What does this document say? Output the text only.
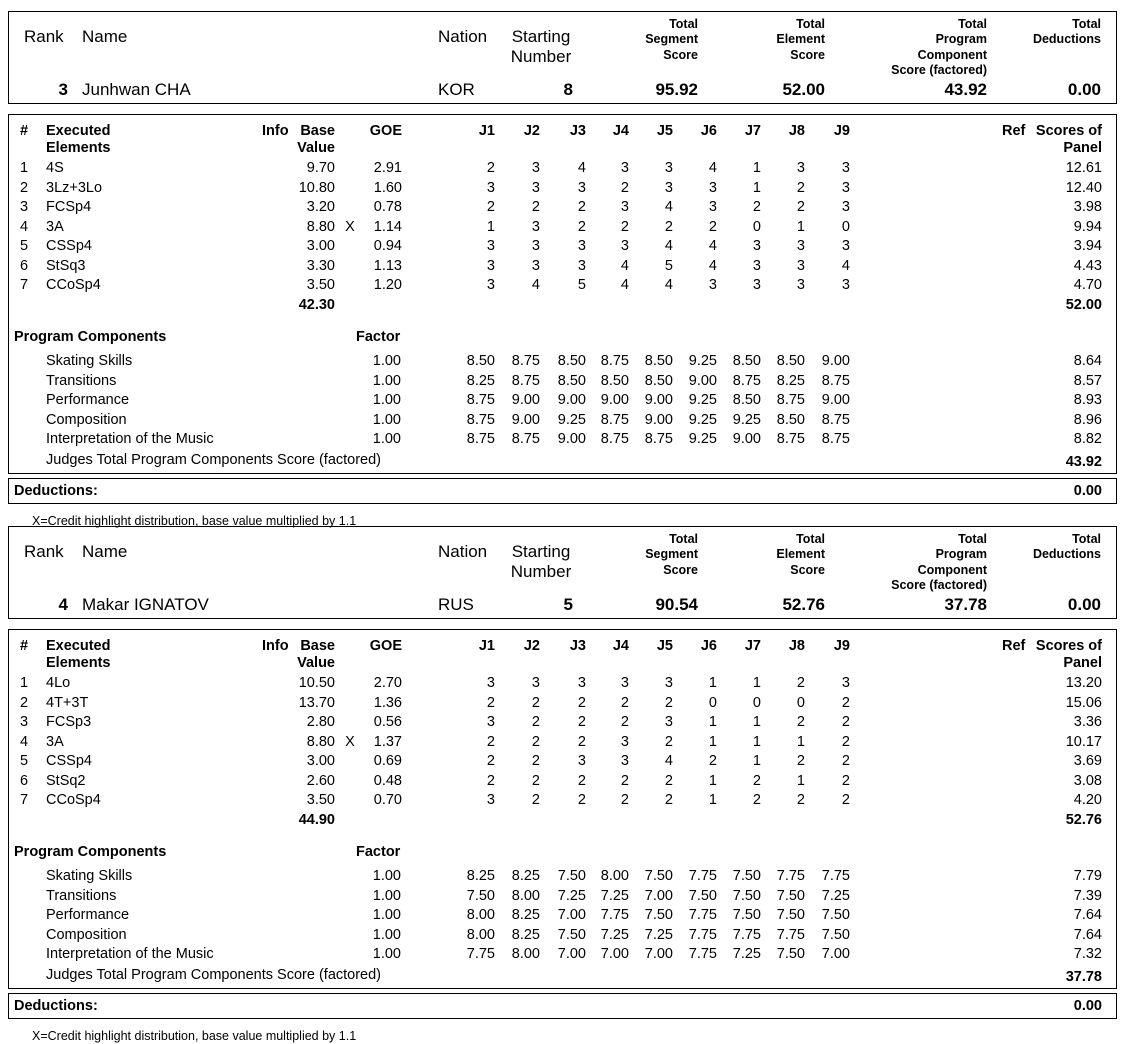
Rank Name	Nation	Starting
Number
Total
Segment
Score
Total
Element
Score
Total
Program
Component
Score (factored)
Total
Deductions
3 Junhwan CHA	KOR	8	95.92	52.00	43.92	0.00
# Executed
Elements
Info Base
Value
GOE	J1	J2	J3	J4	J5	J6	J7	J8	J9	Ref Scores of
Panel
1 4S	9.70	2.91	2	3	4	3	3	4	1	3	3	12.61
2 3Lz+3Lo	10.80	1.60	3	3	3	2	3	3	1	2	3	12.40
3 FCSp4	3.20	0.78	2	2	2	3	4	3	2	2	3	3.98
4 3A	8.80 X	1.14	1	3	2	2	2	2	0	1	0	9.94
5 CSSp4	3.00	0.94	3	3	3	3	4	4	3	3	3	3.94
6 StSq3	3.30	1.13	3	3	3	4	5	4	3	3	4	4.43
7 CCoSp4	3.50	1.20	3	4	5	4	4	3	3	3	3	4.70
42.30	52.00
Program Components	Factor
Skating Skills	1.00	8.50	8.75	8.50	8.75	8.50	9.25	8.50	8.50	9.00	8.64
Transitions	1.00	8.25	8.75	8.50	8.50	8.50	9.00	8.75	8.25	8.75	8.57
Performance	1.00	8.75	9.00	9.00	9.00	9.00	9.25	8.50	8.75	9.00	8.93
Composition	1.00	8.75	9.00	9.25	8.75	9.00	9.25	9.25	8.50	8.75	8.96
Interpretation of the Music	1.00	8.75	8.75	9.00	8.75	8.75	9.25	9.00	8.75	8.75	8.82
Judges Total Program Components Score (factored)	43.92
Deductions:	0.00
X=Credit highlight distribution, base value multiplied by 1.1
Rank Name	Nation	Starting
Number
Total
Segment
Score
Total
Element
Score
Total
Program
Component
Score (factored)
Total
Deductions
4 Makar IGNATOV	RUS	5	90.54	52.76	37.78	0.00
# Executed
Elements
Info Base
Value
GOE	J1	J2	J3	J4	J5	J6	J7	J8	J9	Ref Scores of
Panel
1 4Lo	10.50	2.70	3	3	3	3	3	1	1	2	3	13.20
2 4T+3T	13.70	1.36	2	2	2	2	2	0	0	0	2	15.06
3 FCSp3	2.80	0.56	3	2	2	2	3	1	1	2	2	3.36
4 3A	8.80 X	1.37	2	2	2	3	2	1	1	1	2	10.17
5 CSSp4	3.00	0.69	2	2	3	3	4	2	1	2	2	3.69
6 StSq2	2.60	0.48	2	2	2	2	2	1	2	1	2	3.08
7 CCoSp4	3.50	0.70	3	2	2	2	2	1	2	2	2	4.20
44.90	52.76
Program Components	Factor
Skating Skills	1.00	8.25	8.25	7.50	8.00	7.50	7.75	7.50	7.75	7.75	7.79
Transitions	1.00	7.50	8.00	7.25	7.25	7.00	7.50	7.50	7.50	7.25	7.39
Performance	1.00	8.00	8.25	7.00	7.75	7.50	7.75	7.50	7.50	7.50	7.64
Composition	1.00	8.00	8.25	7.50	7.25	7.25	7.75	7.75	7.75	7.50	7.64
Interpretation of the Music	1.00	7.75	8.00	7.00	7.00	7.00	7.75	7.25	7.50	7.00	7.32
Judges Total Program Components Score (factored)	37.78
Deductions:	0.00
X=Credit highlight distribution, base value multiplied by 1.1
